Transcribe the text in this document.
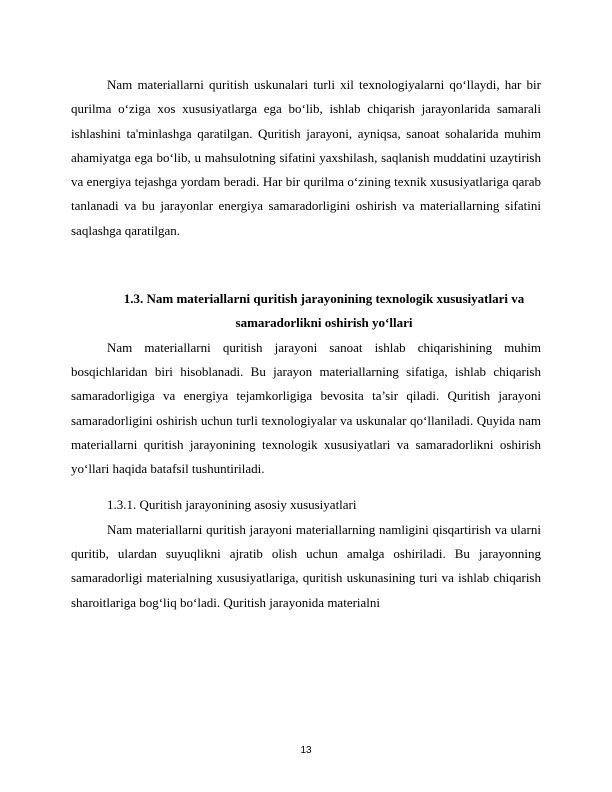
Nam materiallarni quritish uskunalari turli xil texnologiyalarni qo‘llaydi, har bir qurilma o‘ziga xos xususiyatlarga ega bo‘lib, ishlab chiqarish jarayonlarida samarali ishlashini ta'minlashga qaratilgan. Quritish jarayoni, ayniqsa, sanoat sohalarida muhim ahamiyatga ega bo‘lib, u mahsulotning sifatini yaxshilash, saqlanish muddatini uzaytirish va energiya tejashga yordam beradi. Har bir qurilma o‘zining texnik xususiyatlariga qarab tanlanadi va bu jarayonlar energiya samaradorligini oshirish va materiallarning sifatini saqlashga qaratilgan.

1.3. Nam materiallarni quritish jarayonining texnologik xususiyatlari va
samaradorlikni oshirish yo‘llari

Nam materiallarni quritish jarayoni sanoat ishlab chiqarishining muhim bosqichlaridan biri hisoblanadi. Bu jarayon materiallarning sifatiga, ishlab chiqarish samaradorligiga va energiya tejamkorligiga bevosita ta’sir qiladi. Quritish jarayoni samaradorligini oshirish uchun turli texnologiyalar va uskunalar qo‘llaniladi. Quyida nam materiallarni quritish jarayonining texnologik xususiyatlari va samaradorlikni oshirish yo‘llari haqida batafsil tushuntiriladi.

1.3.1. Quritish jarayonining asosiy xususiyatlari

Nam materiallarni quritish jarayoni materiallarning namligini qisqartirish va ularni quritib, ulardan suyuqlikni ajratib olish uchun amalga oshiriladi. Bu jarayonning samaradorligi materialning xususiyatlariga, quritish uskunasining turi va ishlab chiqarish sharoitlariga bog‘liq bo‘ladi. Quritish jarayonida materialni

13
